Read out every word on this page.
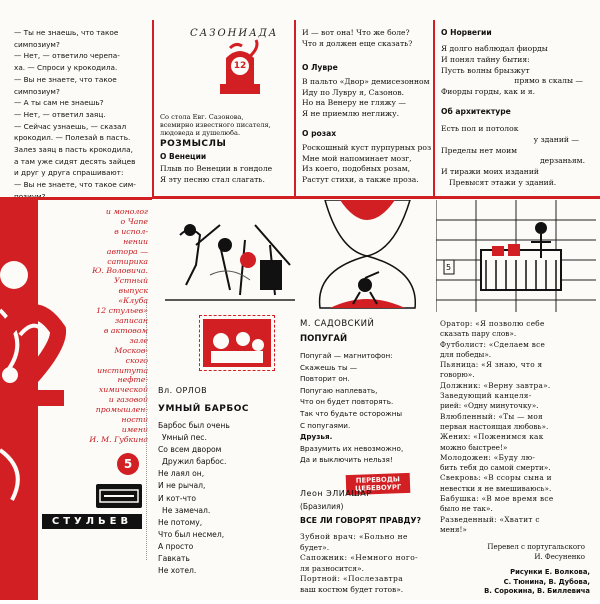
— Ты не знаешь, что такое
симпозиум?
— Нет, — ответило черепа-
ха. — Спроси у крокодила.
— Вы не знаете, что такое
симпозиум?
— А ты сам не знаешь?
— Нет, — ответил заяц.
— Сейчас узнаешь, — сказал
крокодил. — Полезай в пасть.
Залез заяц в пасть крокодила,
а там уже сидят десять зайцев
и друг у друга спрашивают:
— Вы не знаете, что такое сим-
САЗОНИАДА
12
Со стола Евг. Сазонова,
всемирно известного писателя,
людоведа и душелюба.
РОЗМЫСЛЫ
О Венеции
Плыв по Венеции в гондоле
Я эту песню стал слагать.
И — вот она! Что же боле?
Что я должен еще сказать?
О Лувре
В пальто «Двор» демисезонном
Иду по Лувру я, Сазонов.
Но на Венеру не гляжу —
Я не приемлю неглижу.
О розах
Роскошный куст пурпурных роз
Мне мой напоминает мозг,
Из коего, подобных розам,
Растут стихи, а также проза.
О Норвегии
Я долго наблюдал фиорды
И понял тайну бытия:
Пусть волны брызжут
прямо в скалы —
Фиорды горды, как и я.
Об архитектуре
Есть пол и потолок
у зданий —
Пределы нет моим
дерзаньям.
И тиражи моих изданий
Превысят этажи у зданий.
и монолог
о Чапе
в испол-
нении
автора —
сатирика
Ю. Воловича.
Устный
выпуск
«Клуба
12 стульев»
записан
в актовом
зале
Москов-
ского
института
нефте-
химической
и газовой
промышлен-
ности
имени
И. М. Губкина
5
СТУЛЬЕВ
5
Вл. ОРЛОВ
УМНЫЙ БАРБОС
Барбос был очень
Умный пес.
Со всем двором
Дружил барбос.
Не лаял он,
И не рычал,
И кот-что
Не замечал.
Не потому,
Что был несмел,
А просто
Гавкать
Не хотел.
М. САДОВСКИЙ
ПОПУГАЙ
Попугай — магнитофон:
Скажешь ты —
Повторит он.
Попугаю наплевать,
Что он будет повторять.
Так что будьте осторожны
С попугаями.
Друзья.
Вразумить их невозможно,
Да и выключить нельзя!
ПЕРЕВОДЫ ЦЕБЕВОУРГ
Леон ЭЛИАШАР
(Бразилия)
ВСЕ ЛИ ГОВОРЯТ ПРАВДУ?
Зубной врач: «Больно не
будет».
Сапожник: «Немного ного-
ля разносится».
Портной: «Послезавтра
ваш костюм будет готов».
Оратор: «Я позволю себе
сказать пару слов».
Футболист: «Сделаем все
для победы».
Пьяница: «Я знаю, что я
говорю».
Должник: «Верну завтра».
Заведующий канцеля-
рией: «Одну минуточку».
Влюбленный: «Ты — моя
первая настоящая любовь».
Жених: «Поженимся как
можно быстрее!»
Молодожен: «Буду лю-
бить тебя до самой смерти».
Свекровь: «В ссоры сына и
невестки я не вмешиваюсь».
Бабушка: «В мое время все
было не так».
Разведенный: «Хватит с
меня!»
Перевел с португальского
И. Фесуненко
Рисунки Е. Волкова,
С. Тюнина, В. Дубова,
В. Сорокина, В. Биллевича
